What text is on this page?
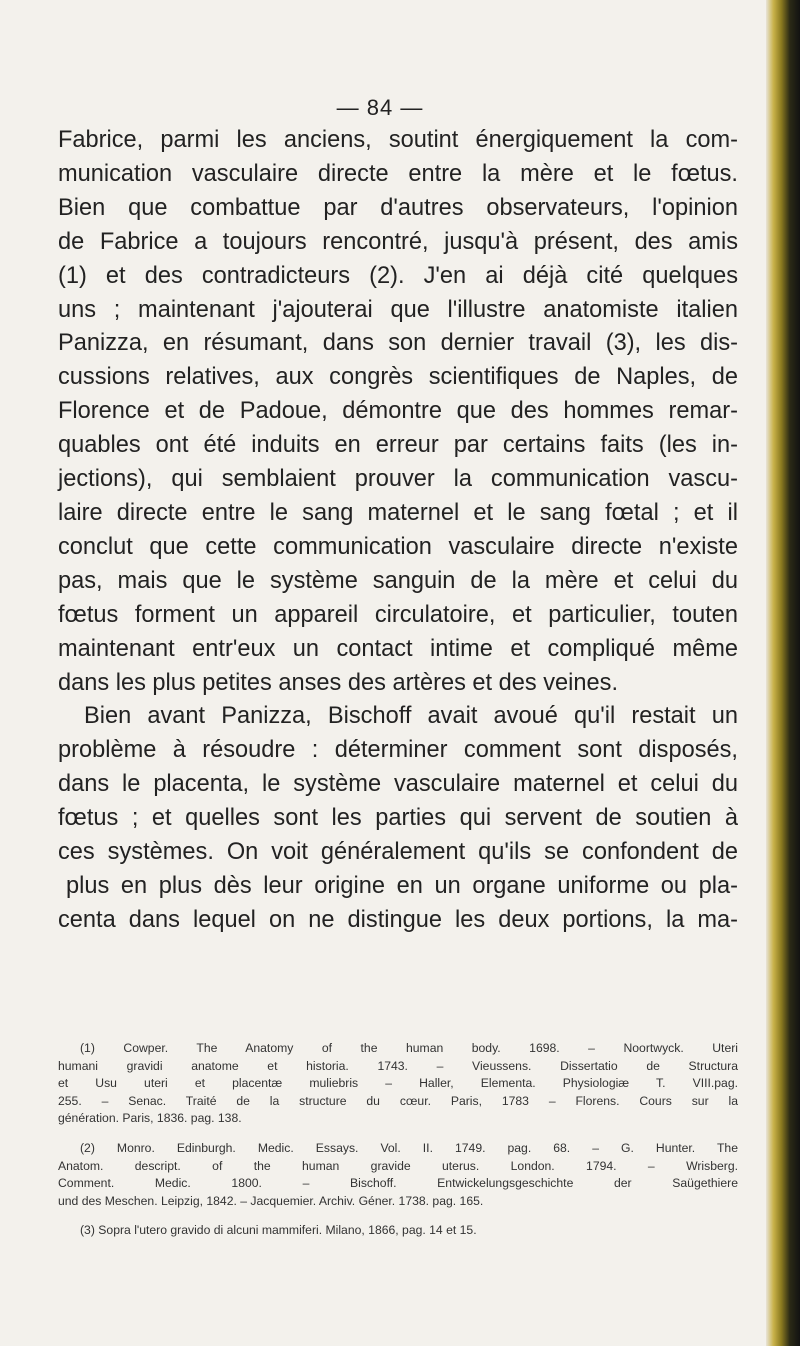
— 84 —
Fabrice, parmi les anciens, soutint énergiquement la com-
munication vasculaire directe entre la mère et le fœtus.
Bien que combattue par d'autres observateurs, l'opinion
de Fabrice a toujours rencontré, jusqu'à présent, des amis
(1) et des contradicteurs (2). J'en ai déjà cité quelques
uns ; maintenant j'ajouterai que l'illustre anatomiste italien
Panizza, en résumant, dans son dernier travail (3), les dis-
cussions relatives, aux congrès scientifiques de Naples, de
Florence et de Padoue, démontre que des hommes remar-
quables ont été induits en erreur par certains faits (les in-
jections), qui semblaient prouver la communication vascu-
laire directe entre le sang maternel et le sang fœtal ; et il
conclut que cette communication vasculaire directe n'existe
pas, mais que le système sanguin de la mère et celui du
fœtus forment un appareil circulatoire, et particulier, touten
maintenant entr'eux un contact intime et compliqué même
dans les plus petites anses des artères et des veines.
Bien avant Panizza, Bischoff avait avoué qu'il restait un
problème à résoudre : déterminer comment sont disposés,
dans le placenta, le système vasculaire maternel et celui du
fœtus ; et quelles sont les parties qui servent de soutien à
ces systèmes. On voit généralement qu'ils se confondent de
plus en plus dès leur origine en un organe uniforme ou pla-
centa dans lequel on ne distingue les deux portions, la ma-
(1) Cowper. The Anatomy of the human body. 1698. – Noortwyck. Uteri
humani gravidi anatome et historia. 1743. – Vieussens. Dissertatio de Structura
et Usu uteri et placentæ muliebris – Haller, Elementa. Physiologiæ T. VIII.pag.
255. – Senac. Traité de la structure du cœur. Paris, 1783 – Florens. Cours sur la
génération. Paris, 1836. pag. 138.
(2) Monro. Edinburgh. Medic. Essays. Vol. II. 1749. pag. 68. – G. Hunter. The
Anatom. descript. of the human gravide uterus. London. 1794. – Wrisberg.
Comment. Medic. 1800. – Bischoff. Entwickelungsgeschichte der Saügethiere
und des Meschen. Leipzig, 1842. – Jacquemier. Archiv. Géner. 1738. pag. 165.
(3) Sopra l'utero gravido di alcuni mammiferi. Milano, 1866, pag. 14 et 15.
